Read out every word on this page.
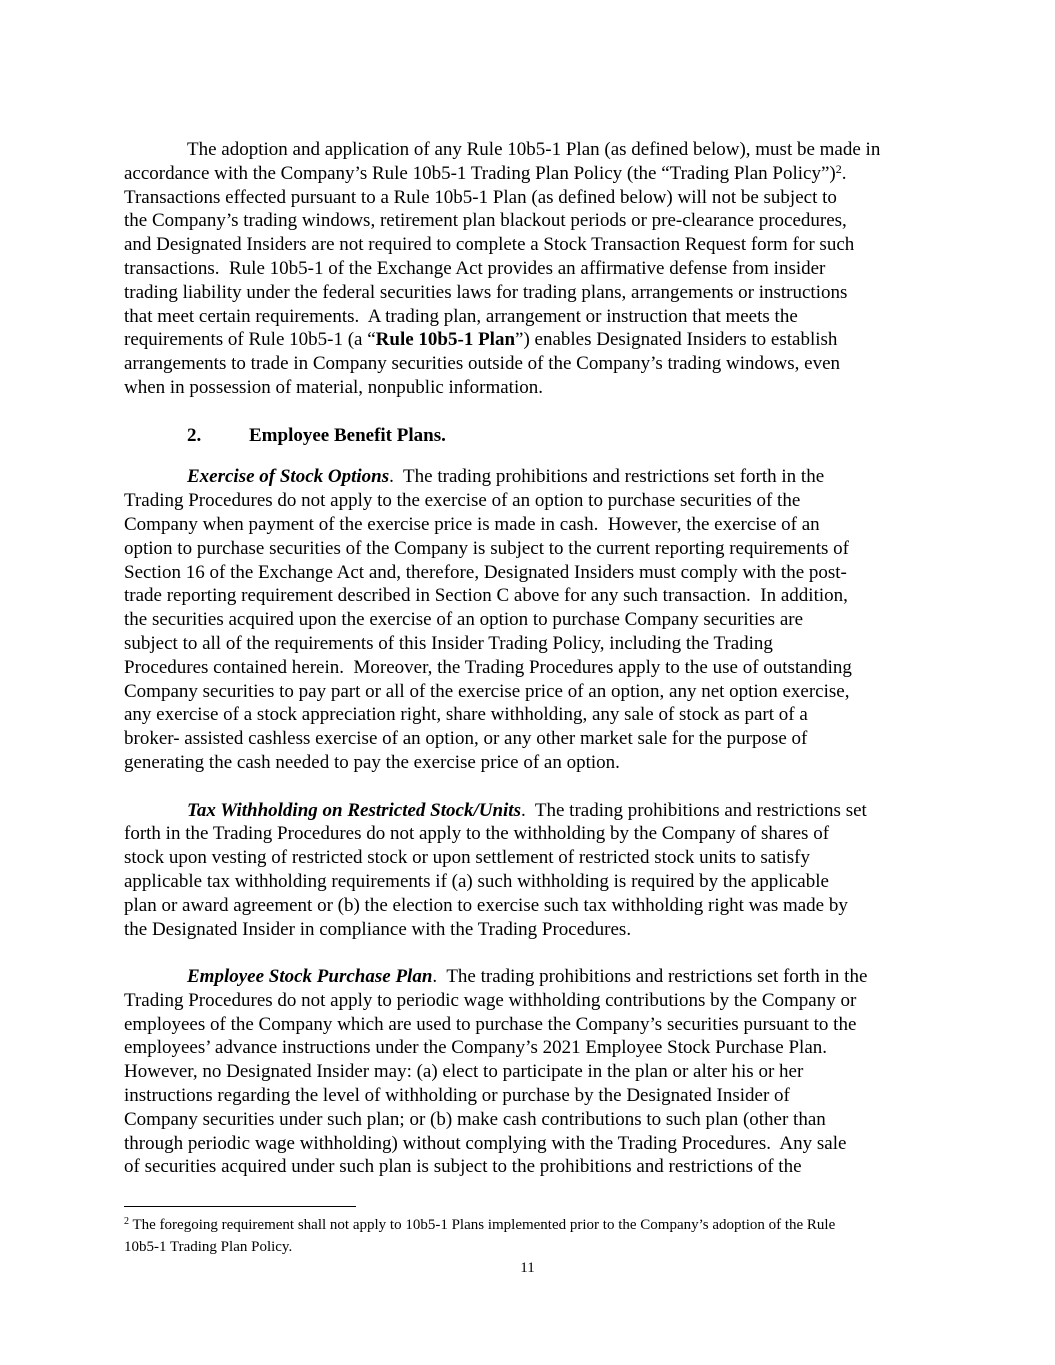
The adoption and application of any Rule 10b5-1 Plan (as defined below), must be made in
accordance with the Company’s Rule 10b5-1 Trading Plan Policy (the “Trading Plan Policy”)$^2$.
Transactions effected pursuant to a Rule 10b5-1 Plan (as defined below) will not be subject to
the Company’s trading windows, retirement plan blackout periods or pre-clearance procedures,
and Designated Insiders are not required to complete a Stock Transaction Request form for such
transactions.  Rule 10b5-1 of the Exchange Act provides an affirmative defense from insider
trading liability under the federal securities laws for trading plans, arrangements or instructions
that meet certain requirements.  A trading plan, arrangement or instruction that meets the
requirements of Rule 10b5-1 (a “Rule 10b5-1 Plan”) enables Designated Insiders to establish
arrangements to trade in Company securities outside of the Company’s trading windows, even
when in possession of material, nonpublic information.
2.	Employee Benefit Plans.
Exercise of Stock Options.  The trading prohibitions and restrictions set forth in the
Trading Procedures do not apply to the exercise of an option to purchase securities of the
Company when payment of the exercise price is made in cash.  However, the exercise of an
option to purchase securities of the Company is subject to the current reporting requirements of
Section 16 of the Exchange Act and, therefore, Designated Insiders must comply with the post-
trade reporting requirement described in Section C above for any such transaction.  In addition,
the securities acquired upon the exercise of an option to purchase Company securities are
subject to all of the requirements of this Insider Trading Policy, including the Trading
Procedures contained herein.  Moreover, the Trading Procedures apply to the use of outstanding
Company securities to pay part or all of the exercise price of an option, any net option exercise,
any exercise of a stock appreciation right, share withholding, any sale of stock as part of a
broker- assisted cashless exercise of an option, or any other market sale for the purpose of
generating the cash needed to pay the exercise price of an option.
Tax Withholding on Restricted Stock/Units.  The trading prohibitions and restrictions set
forth in the Trading Procedures do not apply to the withholding by the Company of shares of
stock upon vesting of restricted stock or upon settlement of restricted stock units to satisfy
applicable tax withholding requirements if (a) such withholding is required by the applicable
plan or award agreement or (b) the election to exercise such tax withholding right was made by
the Designated Insider in compliance with the Trading Procedures.
Employee Stock Purchase Plan.  The trading prohibitions and restrictions set forth in the
Trading Procedures do not apply to periodic wage withholding contributions by the Company or
employees of the Company which are used to purchase the Company’s securities pursuant to the
employees’ advance instructions under the Company’s 2021 Employee Stock Purchase Plan.
However, no Designated Insider may: (a) elect to participate in the plan or alter his or her
instructions regarding the level of withholding or purchase by the Designated Insider of
Company securities under such plan; or (b) make cash contributions to such plan (other than
through periodic wage withholding) without complying with the Trading Procedures.  Any sale
of securities acquired under such plan is subject to the prohibitions and restrictions of the
$^2$ The foregoing requirement shall not apply to 10b5-1 Plans implemented prior to the Company’s adoption of the Rule
10b5-1 Trading Plan Policy.
11
